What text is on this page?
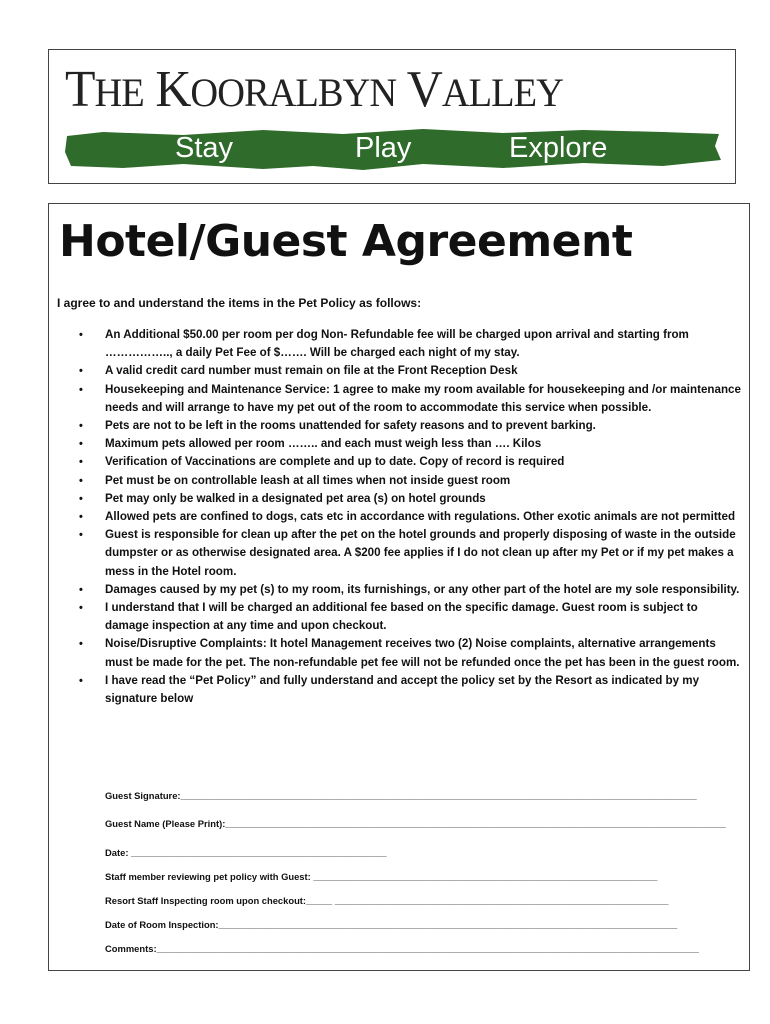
THE KOORALBYN VALLEY
Stay	Play	Explore
Hotel/Guest Agreement
I agree to and understand the items in the Pet Policy as follows:
• An Additional $50.00 per room per dog Non- Refundable fee will be charged upon arrival and starting from …………….., a daily Pet Fee of $……. Will be charged each night of my stay.
• A valid credit card number must remain on file at the Front Reception Desk
• Housekeeping and Maintenance Service: 1 agree to make my room available for housekeeping and /or maintenance needs and will arrange to have my pet out of the room to accommodate this service when possible.
• Pets are not to be left in the rooms unattended for safety reasons and to prevent barking.
• Maximum pets allowed per room …….. and each must weigh less than …. Kilos
• Verification of Vaccinations are complete and up to date. Copy of record is required
• Pet must be on controllable leash at all times when not inside guest room
• Pet may only be walked in a designated pet area (s) on hotel grounds
• Allowed pets are confined to dogs, cats etc in accordance with regulations. Other exotic animals are not permitted
• Guest is responsible for clean up after the pet on the hotel grounds and properly disposing of waste in the outside dumpster or as otherwise designated area. A $200 fee applies if I do not clean up after my Pet or if my pet makes a mess in the Hotel room.
• Damages caused by my pet (s) to my room, its furnishings, or any other part of the hotel are my sole responsibility.
• I understand that I will be charged an additional fee based on the specific damage. Guest room is subject to damage inspection at any time and upon checkout.
• Noise/Disruptive Complaints: It hotel Management receives two (2) Noise complaints, alternative arrangements must be made for the pet. The non-refundable pet fee will not be refunded once the pet has been in the guest room.
• I have read the “Pet Policy” and fully understand and accept the policy set by the Resort as indicated by my signature below
Guest Signature:___________________________________________________________________________________________________
Guest Name (Please Print):________________________________________________________________________________________________
Date: _________________________________________________
Staff member reviewing pet policy with Guest: __________________________________________________________________
Resort Staff Inspecting room upon checkout:_____ ________________________________________________________________
Date of Room Inspection:________________________________________________________________________________________
Comments:________________________________________________________________________________________________________
